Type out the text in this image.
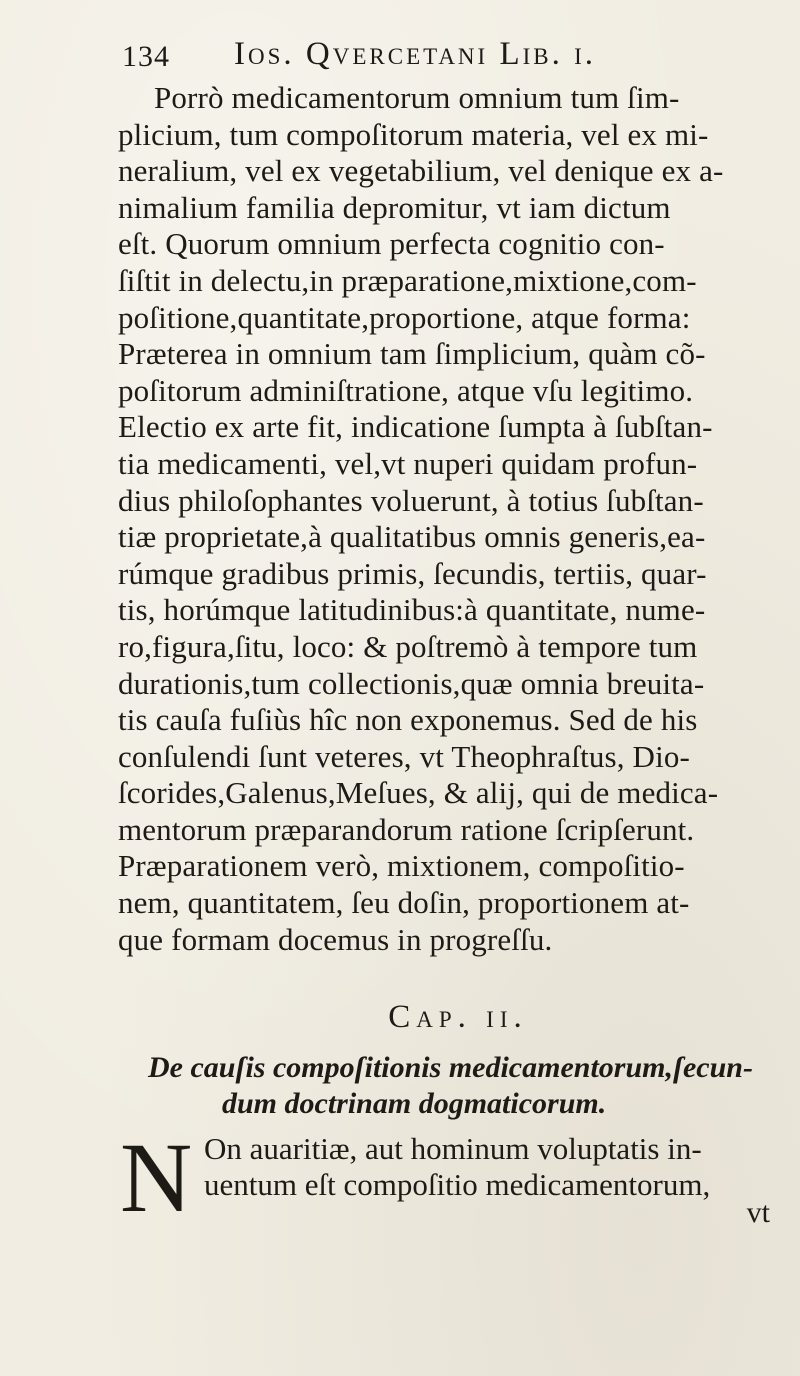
134 Ios. Qvercetani Lib. i.
Porrò medicamentorum omnium tum ſim-
plicium, tum compoſitorum materia, vel ex mi-
neralium, vel ex vegetabilium, vel denique ex a-
nimalium familia depromitur, vt iam dictum
eſt. Quorum omnium perfecta cognitio con-
ſiſtit in delectu,in præparatione,mixtione,com-
poſitione,quantitate,proportione, atque forma:
Præterea in omnium tam ſimplicium, quàm cõ-
poſitorum adminiſtratione, atque vſu legitimo.
Electio ex arte fit, indicatione ſumpta à ſubſtan-
tia medicamenti, vel,vt nuperi quidam profun-
dius philoſophantes voluerunt, à totius ſubſtan-
tiæ proprietate,à qualitatibus omnis generis,ea-
rúmque gradibus primis, ſecundis, tertiis, quar-
tis, horúmque latitudinibus:à quantitate, nume-
ro,figura,ſitu, loco: & poſtremò à tempore tum
durationis,tum collectionis,quæ omnia breuita-
tis cauſa fuſiùs hîc non exponemus. Sed de his
conſulendi ſunt veteres, vt Theophraſtus, Dio-
ſcorides,Galenus,Meſues, & alij, qui de medica-
mentorum præparandorum ratione ſcripſerunt.
Præparationem verò, mixtionem, compoſitio-
nem, quantitatem, ſeu doſin, proportionem at-
que formam docemus in progreſſu.
Cap. ii.
De cauſis compoſitionis medicamentorum,ſecun-
dum doctrinam dogmaticorum.
N On auaritiæ, aut hominum voluptatis in-
uentum eſt compoſitio medicamentorum,
vt
